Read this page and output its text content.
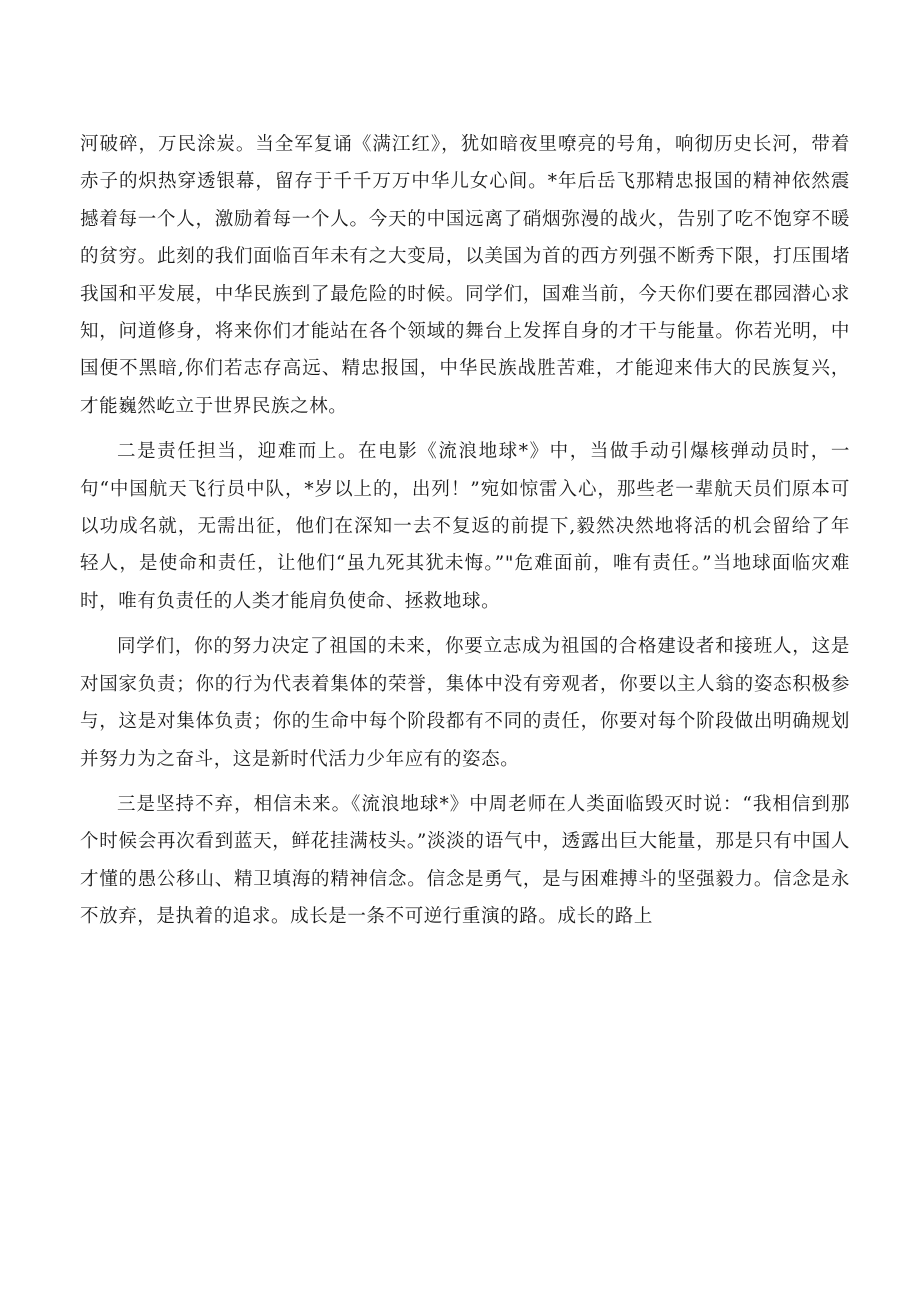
河破碎，万民涂炭。当全军复诵《满江红》，犹如暗夜里嘹亮的号角，响彻历史长河，带着赤子的炽热穿透银幕，留存于千千万万中华儿女心间。*年后岳飞那精忠报国的精神依然震撼着每一个人，激励着每一个人。今天的中国远离了硝烟弥漫的战火，告别了吃不饱穿不暖的贫穷。此刻的我们面临百年未有之大变局，以美国为首的西方列强不断秀下限，打压围堵我国和平发展，中华民族到了最危险的时候。同学们，国难当前，今天你们要在郡园潜心求知，问道修身，将来你们才能站在各个领域的舞台上发挥自身的才干与能量。你若光明，中国便不黑暗,你们若志存高远、精忠报国，中华民族战胜苦难，才能迎来伟大的民族复兴，才能巍然屹立于世界民族之林。

二是责任担当，迎难而上。在电影《流浪地球*》中，当做手动引爆核弹动员时，一句“中国航天飞行员中队，*岁以上的，出列！”宛如惊雷入心，那些老一辈航天员们原本可以功成名就，无需出征，他们在深知一去不复返的前提下,毅然决然地将活的机会留给了年轻人，是使命和责任，让他们“虽九死其犹未悔。”"危难面前，唯有责任。”当地球面临灾难时，唯有负责任的人类才能肩负使命、拯救地球。

同学们，你的努力决定了祖国的未来，你要立志成为祖国的合格建设者和接班人，这是对国家负责；你的行为代表着集体的荣誉，集体中没有旁观者，你要以主人翁的姿态积极参与，这是对集体负责；你的生命中每个阶段都有不同的责任，你要对每个阶段做出明确规划并努力为之奋斗，这是新时代活力少年应有的姿态。

三是坚持不弃，相信未来。《流浪地球*》中周老师在人类面临毁灭时说：“我相信到那个时候会再次看到蓝天，鲜花挂满枝头。”淡淡的语气中，透露出巨大能量，那是只有中国人才懂的愚公移山、精卫填海的精神信念。信念是勇气，是与困难搏斗的坚强毅力。信念是永不放弃，是执着的追求。成长是一条不可逆行重演的路。成长的路上
